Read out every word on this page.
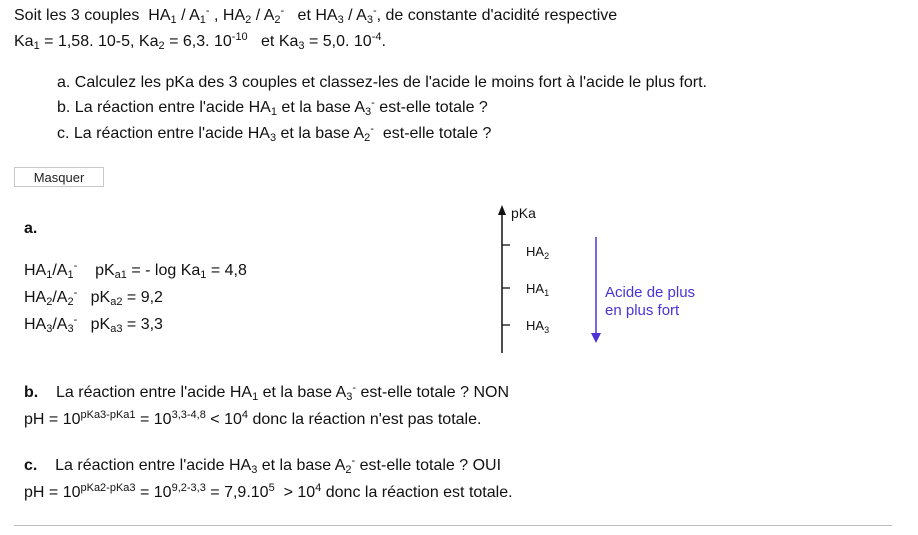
Soit les 3 couples $HA_1 / A_1^-$ , $HA_2 / A_2^-$ et $HA_3 / A_3^-$, de constante d'acidité respective
$Ka_1 = 1,58$. 10-5, $Ka_2 = 6,3$. $10^{-10}$ et $Ka_3 = 5,0$. $10^{-4}$.
a. Calculez les pKa des 3 couples et classez-les de l'acide le moins fort à l'acide le plus fort.
b. La réaction entre l'acide $HA_1$ et la base $A_3^-$ est-elle totale ?
c. La réaction entre l'acide $HA_3$ et la base $A_2^-$ est-elle totale ?
Masquer
a.
$HA_1/A_1^-$ $pK_{a1}$ = - $\log Ka_1 = 4,8$
$HA_2/A_2^-$ $pK_{a2} = 9,2$
$HA_3/A_3^-$ $pK_{a3} = 3,3$
pKa
$HA_2$
$HA_1$
$HA_3$
Acide de plus
en plus fort
b. La réaction entre l'acide $HA_1$ et la base $A_3^-$ est-elle totale ? NON
pH = $10^{pKa3-pKa1} = 10^{3,3-4,8} < 10^4$ donc la réaction n'est pas totale.
c. La réaction entre l'acide $HA_3$ et la base $A_2^-$ est-elle totale ? OUI
pH = $10^{pKa2-pKa3} = 10^{9,2-3,3} = 7,9.10^5 > 10^4$ donc la réaction est totale.
